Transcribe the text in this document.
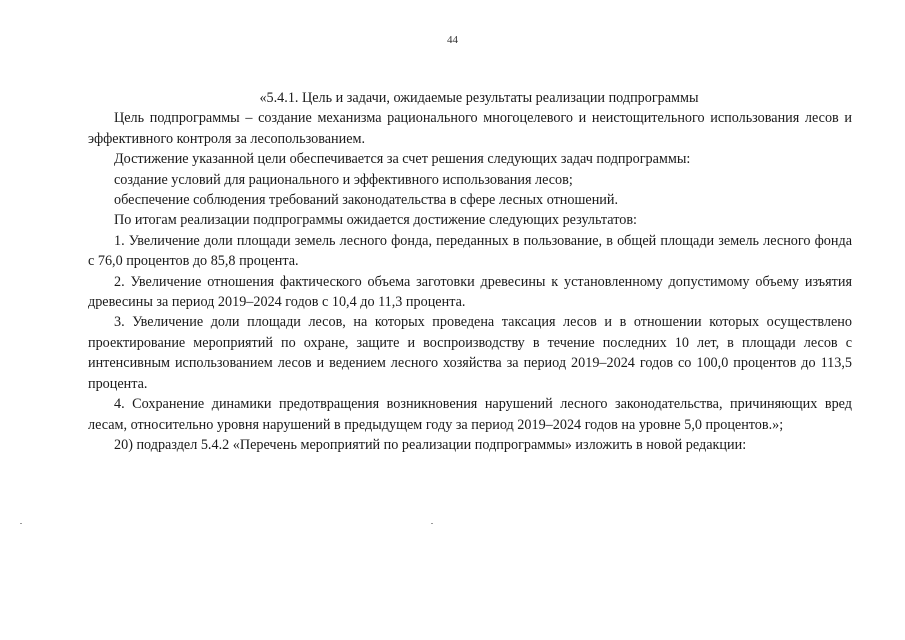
44

«5.4.1. Цель и задачи, ожидаемые результаты реализации подпрограммы

Цель подпрограммы – создание механизма рационального многоцелевого и неистощительного использования лесов и эффективного контроля за лесопользованием.

Достижение указанной цели обеспечивается за счет решения следующих задач подпрограммы:

создание условий для рационального и эффективного использования лесов;

обеспечение соблюдения требований законодательства в сфере лесных отношений.

По итогам реализации подпрограммы ожидается достижение следующих результатов:

1. Увеличение доли площади земель лесного фонда, переданных в пользование, в общей площади земель лесного фонда с 76,0 процентов до 85,8 процента.

2. Увеличение отношения фактического объема заготовки древесины к установленному допустимому объему изъятия древесины за период 2019–2024 годов с 10,4 до 11,3 процента.

3. Увеличение доли площади лесов, на которых проведена таксация лесов и в отношении которых осуществлено проектирование мероприятий по охране, защите и воспроизводству в течение последних 10 лет, в площади лесов с интенсивным использованием лесов и ведением лесного хозяйства за период 2019–2024 годов со 100,0 процентов до 113,5 процента.

4. Сохранение динамики предотвращения возникновения нарушений лесного законодательства, причиняющих вред лесам, относительно уровня нарушений в предыдущем году за период 2019–2024 годов на уровне 5,0 процентов.»;

20) подраздел 5.4.2 «Перечень мероприятий по реализации подпрограммы» изложить в новой редакции:
